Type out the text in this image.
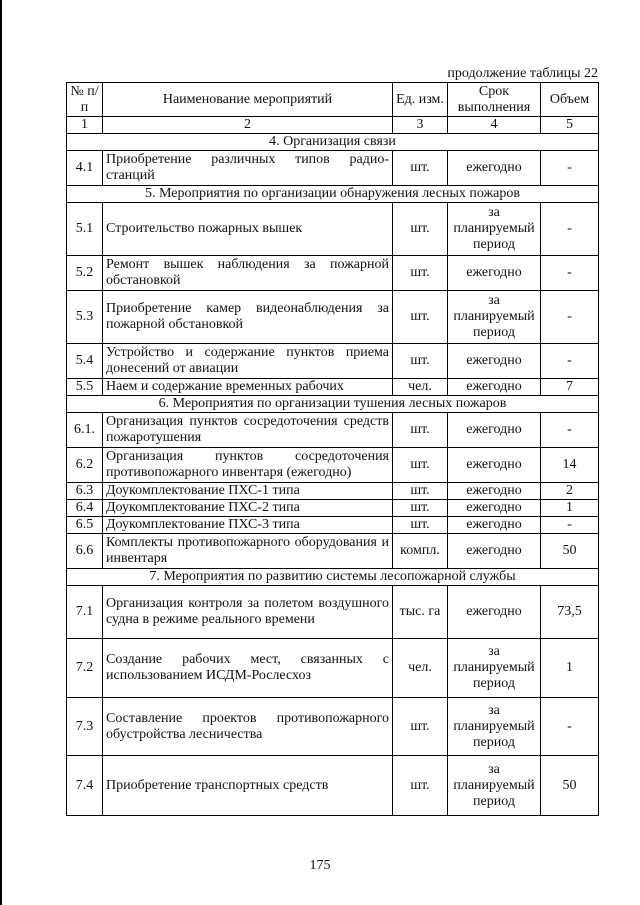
продолжение таблицы 22
№ п/п	Наименование мероприятий	Ед. изм.	Срок выполнения	Объем
1	2	3	4	5
4. Организация связи				
4.1	Приобретение различных типов радио-станций	шт.	ежегодно	-
5. Мероприятия по организации обнаружения лесных пожаров				
5.1	Строительство пожарных вышек	шт.	за планируемый период	-
5.2	Ремонт вышек наблюдения за пожарной обстановкой	шт.	ежегодно	-
5.3	Приобретение камер видеонаблюдения за пожарной обстановкой	шт.	за планируемый период	-
5.4	Устройство и содержание пунктов приема донесений от авиации	шт.	ежегодно	-
5.5	Наем и содержание временных рабочих	чел.	ежегодно	7
6. Мероприятия по организации тушения лесных пожаров				
6.1.	Организация пунктов сосредоточения средств пожаротушения	шт.	ежегодно	-
6.2	Организация пунктов сосредоточения противопожарного инвентаря (ежегодно)	шт.	ежегодно	14
6.3	Доукомплектование ПХС-1 типа	шт.	ежегодно	2
6.4	Доукомплектование ПХС-2 типа	шт.	ежегодно	1
6.5	Доукомплектование ПХС-3 типа	шт.	ежегодно	-
6.6	Комплекты противопожарного оборудования и инвентаря	компл.	ежегодно	50
7. Мероприятия по развитию системы лесопожарной службы				
7.1	Организация контроля за полетом воздушного судна в режиме реального времени	тыс. га	ежегодно	73,5
7.2	Создание рабочих мест, связанных с использованием ИСДМ-Рослесхоз	чел.	за планируемый период	1
7.3	Составление проектов противопожарного обустройства лесничества	шт.	за планируемый период	-
7.4	Приобретение транспортных средств	шт.	за планируемый период	50
175
